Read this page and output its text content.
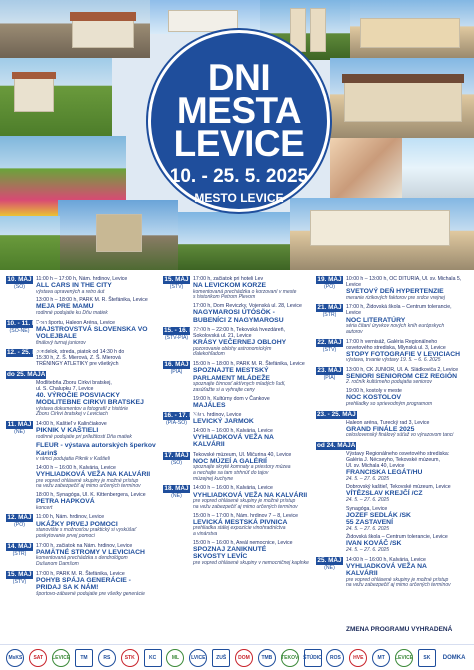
DNI
MESTA
LEVICE
10. - 25. 5. 2025
MESTO LEVICE
10. MÁJ
(SO)
11:00 h – 17:00 h, Nám. hrdinov, Levice
ALL CARS IN THE CITY
výstava upravených a retro áut
13:00 h – 18:00 h, PARK M. R. Štefánika, Levice
MEJA PRE MAMU
rodinné podujatie ku Dňu matiek
10. - 11. MÁJ
(SO-NE)
Dom športu, Haleon Aréna, Levice
MAJSTROVSTVÁ SLOVENSKA VO
VOLEJBALE
finálový turnaj juniorov
12. - 25. MÁJ
pondelok, streda, piatok od 14:30 h do
15:30 h, Z. Š. Mierová, Z. Š. Mierová
TRÉNINGY ATLETIKY pre všetkých
do 25. MÁJA
Modlitebňa Zboru Cirkvi bratskej,
ul. S. Chalupku 7, Levice
40. VÝROČIE POSVIACKY
MODLITEBNE CIRKVI BRATSKEJ
výstava dokumentov a fotografií z histórie
Zboru Cirkvi bratskej v Leviciach
11. MÁJ
(NE)
14:00 h, Kaštieľ v Kalinčiakove
PIKNIK V KAŠTIELI
rodinné podujatie pri príležitosti Dňa matiek
FLEUR - výstava autorských šperkov
Karin$
v rámci podujatia Piknik v Kaštieli
14:00 h – 16:00 h, Kalvária, Levice
VYHLIADKOVÁ VEŽA NA KALVÁRII
pre vopred ohlásené skupiny je možné prístup
na vežu zabezpečiť aj mimo určených termínov
18:00 h, Synagóga, Ul. K. Kittenbergera, Levice
PETRA HAPKOVÁ
koncert
12. MÁJ
(PO)
11:00 h, Nám. hrdinov, Levice
UKÁŽKY PRVEJ POMOCI
stanovište s možnosťou praktický si vyskúšať
poskytovanie prvej pomoci
14. MÁJ
(STR)
17:00 h, začiatok na Nám. hrdinov, Levice
PAMÄTNÉ STROMY V LEVICIACH
komentovaná prechádzka s dendrológom
Dušanom Damšom
15. MÁJ
(ŠTV)
17:00 h, PARK M. R. Štefánika, Levice
POHYB SPÁJA GENERÁCIE -
PRIDAJ SA K NÁM!
športovo-zábavné podujatie pre všetky generácie
15. MÁJ
(ŠTV)
17:00 h, začiatok pri hoteli Lev
NA LEVICKOM KORZE
komentovaná prechádzka o korzovaní v meste
s historikom Petrom Plevom
17:00 h, Dom Reviczky, Vojenská ul. 28, Levice
NAGYMAROSI ÚTÓSÖK -
BUBENÍCI Z NAGYMAROSU
15. - 16. MÁJ
(ŠTV-PIA)
22:00 h – 22:00 h, Tekovská hvezdáreň,
Sokolovská ul. 21, Levice
KRÁSY VEČERNEJ OBLOHY
pozorovanie oblohy astronomickým
ďalekohľadom
16. MÁJ
(PIA)
15:00 h – 18:00 h, PARK M. R. Štefánika, Levice
SPOZNAJTE MESTSKÝ
PARLAMENT MLÁDEŽE
spoznajte činnosť aktívnych mladých ľudí,
zasúťažte si a vyhrajte ceny
19:00 h, Kultúrny dom v Čankove
MAJÁLES
16. - 17. MÁJ
(PIA-SO)
Nám. hrdinov, Levice
LEVICKÝ JARMOK
14:00 h – 16:00 h, Kalvária, Levice
VYHLIADKOVÁ VEŽA NA
KALVÁRII
17. MÁJ
(SO)
Tekovské múzeum, Ul. Mičurina 40, Levice
NOC MÚZEÍ A GALÉRIÍ
spoznajte skryté komnaty a priestory múzea
a nechajte sa tam strhnúť do tajov
múzejnej kuchyne
18. MÁJ
(NE)
14:00 h – 16:00 h, Kalvária, Levice
VYHLIADKOVÁ VEŽA NA KALVÁRII
pre vopred ohlásené skupiny je možné prístup
na vežu zabezpečiť aj mimo určených termínov
15:00 h – 17:00 h, Nám. hrdinov 7 – 8, Levice
LEVICKÁ MESTSKÁ PIVNICA
prehliadka stálej expozície vinohradníctva
a vinárstva
15:00 h – 16:00 h, Areál nemocnice, Levice
SPOZNAJ ZANIKNUTÉ
SKVOSTY LEVÍC
pre vopred ohlásené skupiny v nemocničnej kaplnke
19. MÁJ
(PO)
10:00 h – 13:00 h, OC DITURIA, Ul. sv. Michala 5,
Levice
SVETOVÝ DEŇ HYPERTENZIE
meranie rizikových faktorov pre srdce vrejnej
21. MÁJ
(STR)
17:00 h, Židovská škola – Centrum tolerancie,
Levice
NOC LITERATÚRY
séria čítaní úryvkov nových kníh európskych
autorov
22. MÁJ
(ŠTV)
17:00 h vernisáž, Galéria Regionálneho
osvetového strediska, Mlynská ul. 3, Levice
STOPY FOTOGRAFIE V LEVICIACH
výstava, trvanie výstavy 19. 5. – 6. 6. 2025
23. MÁJ
(PIA)
13:00 h, CK JUNIOR, Ul. A. Sládkoviča 2, Levice
SENIORI SENIOROM CEZ REGIÓN
2. ročník kultúrneho podujatia seniorov
19:00 h, kostoly v meste
NOC KOSTOLOV
prehliadky so sprievodným programom
23. - 25. MÁJ
Haleon aréna, Turecký rad 3, Levice
GRAND FINÁLE 2025
celoslovenský finálový súťaž vo výrazovom tanci
od 24. MÁJA
Výstavy Regionálneho osvetového strediska:
Galéria J. Nécseyho, Tekovské múzeum,
Ul. sv. Michala 40, Levice
FRANCISKA LEGÁT/HU
24. 5. – 27. 6. 2025
Dobrovský kaštieľ, Tekovské múzeum, Levice
VÍTĚZSLAV KREJČÍ /CZ
24. 5. – 27. 6. 2025
Synagóga, Levice
JOZEF SEDLÁK /SK
55 ZASTAVENÍ
24. 5. – 27. 6. 2025
Židovská škola – Centrum tolerancie, Levice
IVAN KOVÁČ /SK
24. 5. – 27. 6. 2025
25. MÁJ
(NE)
14:00 h – 16:00 h, Kalvária, Levice
VYHLIADKOVÁ VEŽA NA
KALVÁRII
pre vopred ohlásené skupiny je možné prístup
na vežu zabezpečiť aj mimo určených termínov
ZMENA PROGRAMU VYHRADENÁ
MsKS	SAT	LEVICE	TM	RS	STK	KC	ML	LVICE	ZUŠ	DOM	TMB	TEKOV ŠTÚDIO	ROS	HVE	MT	LEVICE	SK	DOMKA
